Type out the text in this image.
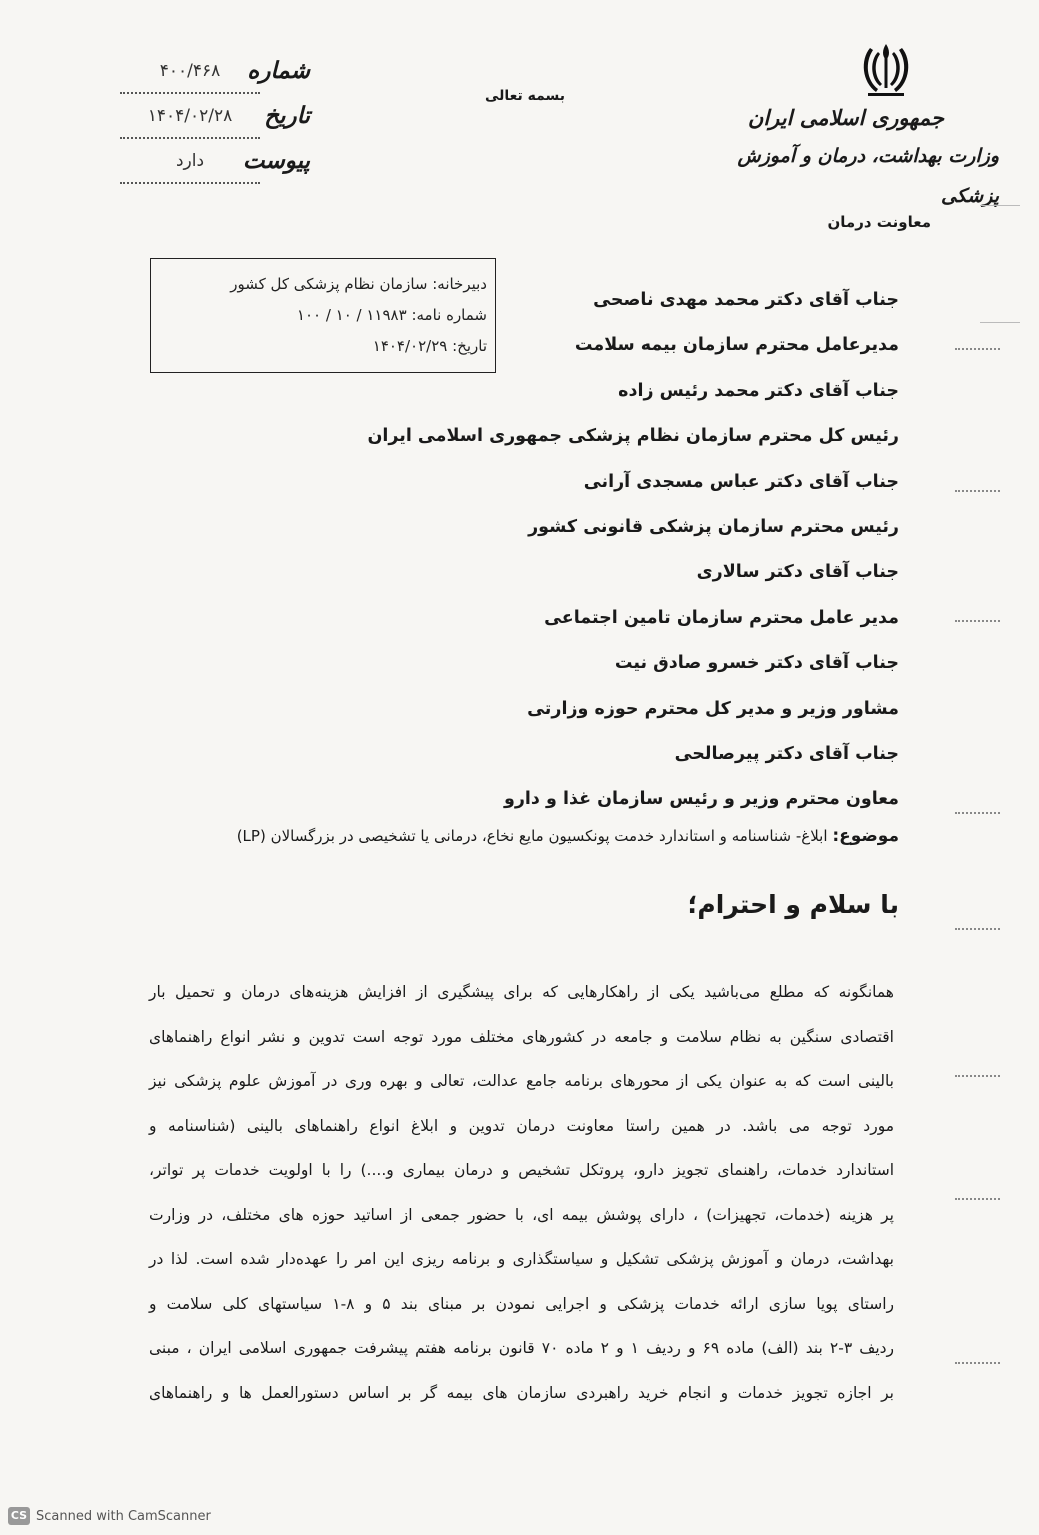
جمهوری اسلامی ایران
وزارت بهداشت، درمان و آموزش پزشکی
معاونت درمان
بسمه تعالی
شماره
۴۰۰/۴۶۸
تاریخ
۱۴۰۴/۰۲/۲۸
پیوست
دارد
دبیرخانه: سازمان نظام پزشکی کل کشور
شماره نامه: ۱۱۹۸۳ / ۱۰ / ۱۰۰
تاریخ: ۱۴۰۴/۰۲/۲۹
جناب آقای دکتر محمد مهدی ناصحی
مدیرعامل محترم سازمان بیمه سلامت
جناب آقای دکتر محمد رئیس زاده
رئیس کل محترم سازمان نظام پزشکی جمهوری اسلامی ایران
جناب آقای دکتر عباس مسجدی آرانی
رئیس محترم سازمان پزشکی قانونی کشور
جناب آقای دکتر سالاری
مدیر عامل محترم سازمان تامین اجتماعی
جناب آقای دکتر خسرو صادق نیت
مشاور وزیر و مدیر کل محترم حوزه وزارتی
جناب آقای دکتر پیرصالحی
معاون محترم وزیر و رئیس سازمان غذا و دارو
موضوع: ابلاغ- شناسنامه و استاندارد خدمت پونکسیون مایع نخاع، درمانی یا تشخیصی در بزرگسالان (LP)
با سلام و احترام؛
همانگونه که مطلع می‌باشید یکی از راهکارهایی که برای پیشگیری از افزایش هزینه‌های درمان و تحمیل بار
اقتصادی سنگین به نظام سلامت و جامعه در کشورهای مختلف مورد توجه است تدوین و نشر انواع راهنماهای
بالینی است که به عنوان یکی از محورهای برنامه جامع عدالت، تعالی و بهره وری در آموزش علوم پزشکی نیز
مورد توجه می باشد. در همین راستا معاونت درمان تدوین و ابلاغ انواع راهنماهای بالینی (شناسنامه و
استاندارد خدمات، راهنمای تجویز دارو، پروتکل تشخیص و درمان بیماری و....) را با اولویت خدمات پر تواتر،
پر هزینه (خدمات، تجهیزات) ، دارای پوشش بیمه ای، با حضور جمعی از اساتید حوزه های مختلف، در وزارت
بهداشت، درمان و آموزش پزشکی تشکیل و سیاستگذاری و برنامه ریزی این امر را عهده‌دار شده است. لذا در
راستای پویا سازی ارائه خدمات پزشکی و اجرایی نمودن بر مبنای بند ۵ و ۸-۱ سیاستهای کلی سلامت و
ردیف ۳-۲ بند (الف) ماده ۶۹ و ردیف ۱ و ۲ ماده ۷۰ قانون برنامه هفتم پیشرفت جمهوری اسلامی ایران ، مبنی
بر اجازه تجویز خدمات و انجام خرید راهبردی سازمان های بیمه گر بر اساس دستورالعمل ها و راهنماهای
CS Scanned with CamScanner
